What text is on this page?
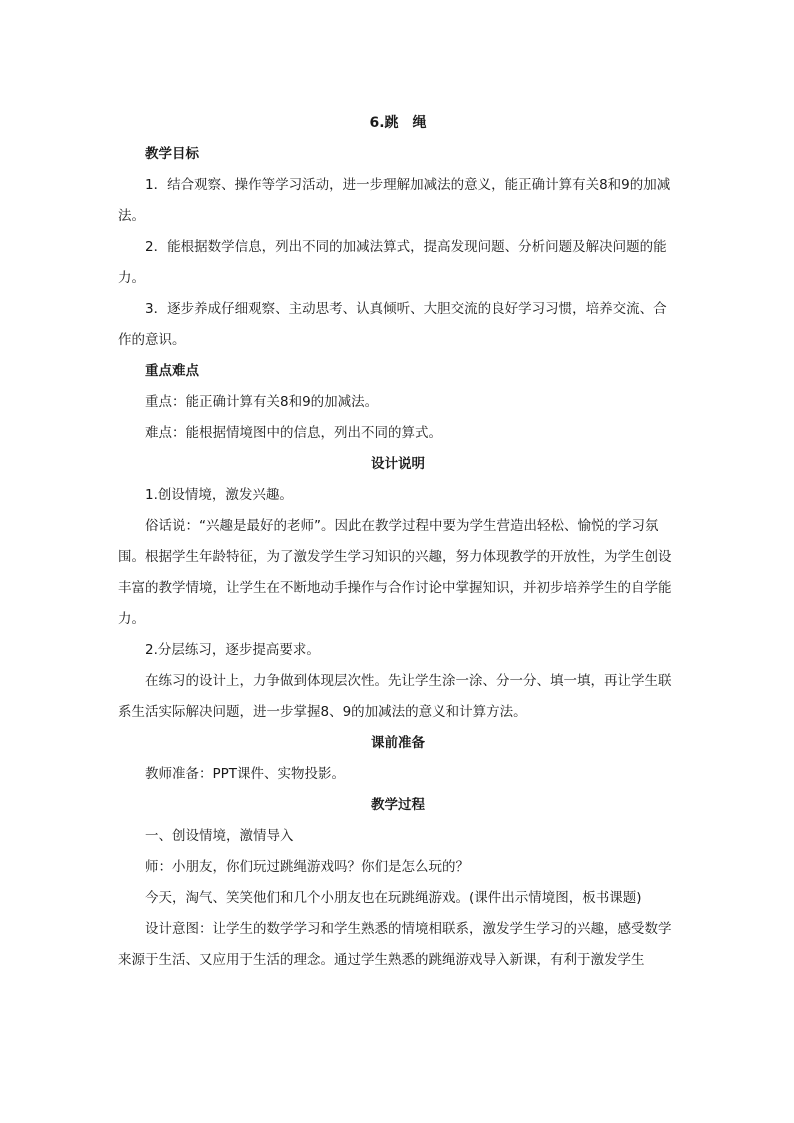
6.跳　绳

教学目标

1．结合观察、操作等学习活动，进一步理解加减法的意义，能正确计算有关8和9的加减法。

2．能根据数学信息，列出不同的加减法算式，提高发现问题、分析问题及解决问题的能力。

3．逐步养成仔细观察、主动思考、认真倾听、大胆交流的良好学习习惯，培养交流、合作的意识。

重点难点

重点：能正确计算有关8和9的加减法。

难点：能根据情境图中的信息，列出不同的算式。

设计说明

1.创设情境，激发兴趣。

俗话说：“兴趣是最好的老师”。因此在教学过程中要为学生营造出轻松、愉悦的学习氛围。根据学生年龄特征，为了激发学生学习知识的兴趣，努力体现教学的开放性，为学生创设丰富的教学情境，让学生在不断地动手操作与合作讨论中掌握知识，并初步培养学生的自学能力。

2.分层练习，逐步提高要求。

在练习的设计上，力争做到体现层次性。先让学生涂一涂、分一分、填一填，再让学生联系生活实际解决问题，进一步掌握8、9的加减法的意义和计算方法。

课前准备

教师准备：PPT课件、实物投影。

教学过程

一、创设情境，激情导入

师：小朋友，你们玩过跳绳游戏吗？你们是怎么玩的？

今天，淘气、笑笑他们和几个小朋友也在玩跳绳游戏。(课件出示情境图，板书课题)

设计意图：让学生的数学学习和学生熟悉的情境相联系，激发学生学习的兴趣，感受数学来源于生活、又应用于生活的理念。通过学生熟悉的跳绳游戏导入新课，有利于激发学生
